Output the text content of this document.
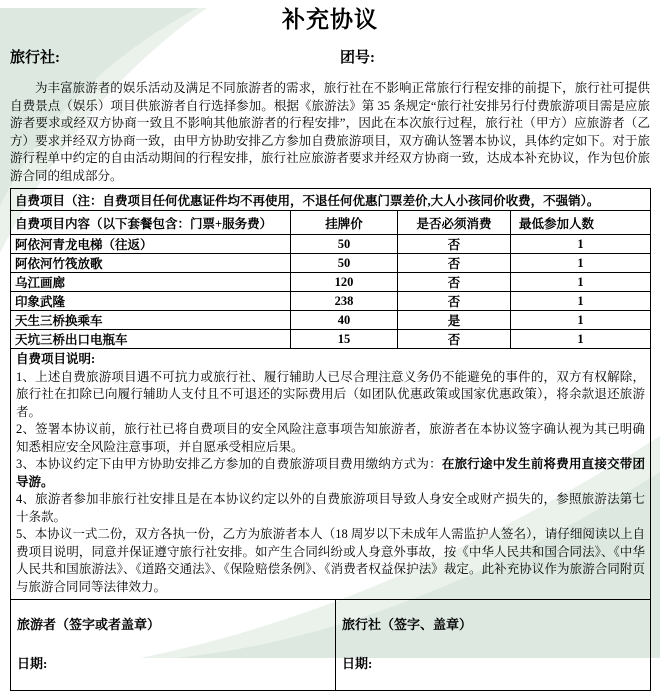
补充协议
旅行社:	团号:

为丰富旅游者的娱乐活动及满足不同旅游者的需求，旅行社在不影响正常旅行行程安排的前提下，旅行社可提供自费景点（娱乐）项目供旅游者自行选择参加。根据《旅游法》第 35 条规定“旅行社安排另行付费旅游项目需是应旅游者要求或经双方协商一致且不影响其他旅游者的行程安排”，因此在本次旅行过程，旅行社（甲方）应旅游者（乙方）要求并经双方协商一致，由甲方协助安排乙方参加自费旅游项目，双方确认签署本协议，具体约定如下。对于旅游行程单中约定的自由活动期间的行程安排，旅行社应旅游者要求并经双方协商一致，达成本补充协议，作为包价旅游合同的组成部分。

自费项目（注：自费项目任何优惠证件均不再使用，不退任何优惠门票差价,大人小孩同价收费，不强销）。			
自费项目内容（以下套餐包含：门票+服务费）	挂牌价	是否必须消费	最低参加人数
阿依河青龙电梯（往返）	50	否	1
阿依河竹筏放歌	50	否	1
乌江画廊	120	否	1
印象武隆	238	否	1
天生三桥换乘车	40	是	1
天坑三桥出口电瓶车	15	否	1

自费项目说明:
1、上述自费旅游项目遇不可抗力或旅行社、履行辅助人已尽合理注意义务仍不能避免的事件的，双方有权解除，旅行社在扣除已向履行辅助人支付且不可退还的实际费用后（如团队优惠政策或国家优惠政策），将余款退还旅游者。
2、签署本协议前，旅行社已将自费项目的安全风险注意事项告知旅游者，旅游者在本协议签字确认视为其已明确知悉相应安全风险注意事项，并自愿承受相应后果。
3、本协议约定下由甲方协助安排乙方参加的自费旅游项目费用缴纳方式为：在旅行途中发生前将费用直接交带团导游。
4、旅游者参加非旅行社安排且是在本协议约定以外的自费旅游项目导致人身安全或财产损失的，参照旅游法第七十条款。
5、本协议一式二份，双方各执一份，乙方为旅游者本人（18 周岁以下未成年人需监护人签名），请仔细阅读以上自费项目说明，同意并保证遵守旅行社安排。如产生合同纠纷或人身意外事故，按《中华人民共和国合同法》、《中华人民共和国旅游法》、《道路交通法》、《保险赔偿条例》、《消费者权益保护法》裁定。此补充协议作为旅游合同附页与旅游合同同等法律效力。
旅游者（签字或者盖章）
日期:

旅行社（签字、盖章）
日期:
